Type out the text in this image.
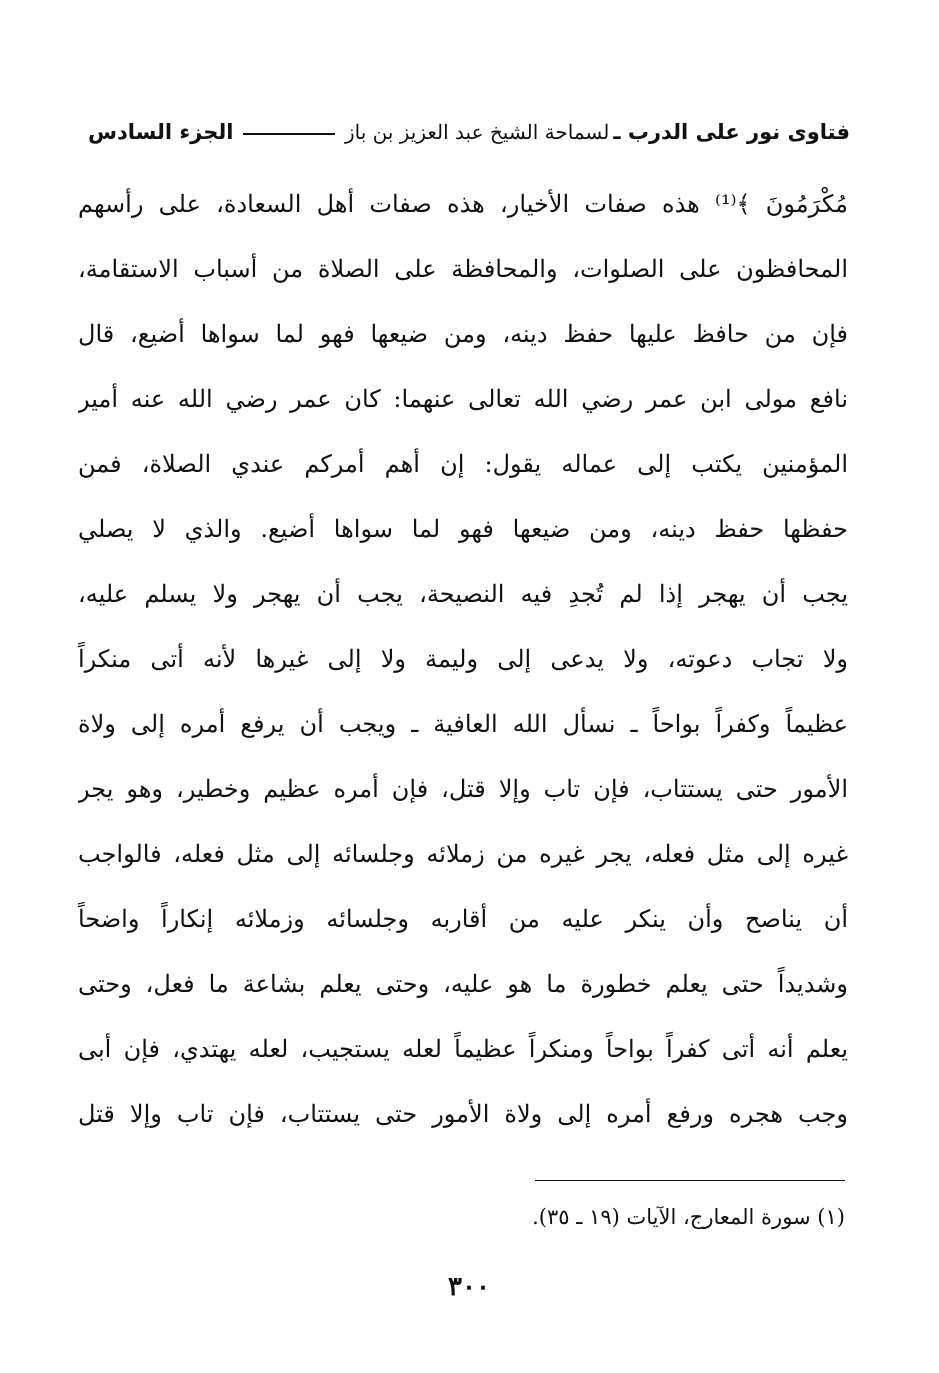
فتاوى نور على الدرب ـ
لسماحة الشيخ عبد العزيز بن باز
الجزء السادس
مُكْرَمُونَ ﴾⁽¹⁾ هذه صفات الأخيار، هذه صفات أهل السعادة، على رأسهم
المحافظون على الصلوات، والمحافظة على الصلاة من أسباب الاستقامة،
فإن من حافظ عليها حفظ دينه، ومن ضيعها فهو لما سواها أضيع، قال
نافع مولى ابن عمر رضي الله تعالى عنهما: كان عمر رضي الله عنه أمير
المؤمنين يكتب إلى عماله يقول: إن أهم أمركم عندي الصلاة، فمن
حفظها حفظ دينه، ومن ضيعها فهو لما سواها أضيع. والذي لا يصلي
يجب أن يهجر إذا لم تُجدِ فيه النصيحة، يجب أن يهجر ولا يسلم عليه،
ولا تجاب دعوته، ولا يدعى إلى وليمة ولا إلى غيرها لأنه أتى منكراً
عظيماً وكفراً بواحاً ـ نسأل الله العافية ـ ويجب أن يرفع أمره إلى ولاة
الأمور حتى يستتاب، فإن تاب وإلا قتل، فإن أمره عظيم وخطير، وهو يجر
غيره إلى مثل فعله، يجر غيره من زملائه وجلسائه إلى مثل فعله، فالواجب
أن يناصح وأن ينكر عليه من أقاربه وجلسائه وزملائه إنكاراً واضحاً
وشديداً حتى يعلم خطورة ما هو عليه، وحتى يعلم بشاعة ما فعل، وحتى
يعلم أنه أتى كفراً بواحاً ومنكراً عظيماً لعله يستجيب، لعله يهتدي، فإن أبى
وجب هجره ورفع أمره إلى ولاة الأمور حتى يستتاب، فإن تاب وإلا قتل
(١) سورة المعارج، الآيات (١٩ ـ ٣٥).
٣٠٠
